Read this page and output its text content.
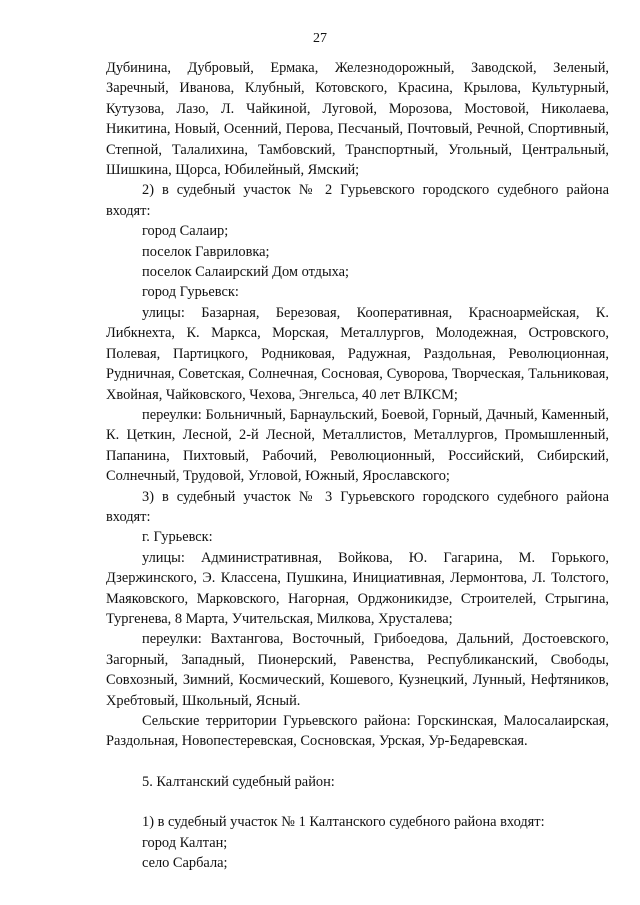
27

Дубинина, Дубровый, Ермака, Железнодорожный, Заводской, Зеленый, Заречный, Иванова, Клубный, Котовского, Красина, Крылова, Культурный, Кутузова, Лазо, Л. Чайкиной, Луговой, Морозова, Мостовой, Николаева, Никитина, Новый, Осенний, Перова, Песчаный, Почтовый, Речной, Спортивный, Степной, Талалихина, Тамбовский, Транспортный, Угольный, Центральный, Шишкина, Щорса, Юбилейный, Ямский;

2) в судебный участок № 2 Гурьевского городского судебного района входят:

город Салаир;

поселок Гавриловка;

поселок Салаирский Дом отдыха;

город Гурьевск:

улицы: Базарная, Березовая, Кооперативная, Красноармейская, К. Либкнехта, К. Маркса, Морская, Металлургов, Молодежная, Островского, Полевая, Партицкого, Родниковая, Радужная, Раздольная, Революционная, Рудничная, Советская, Солнечная, Сосновая, Суворова, Творческая, Тальниковая, Хвойная, Чайковского, Чехова, Энгельса, 40 лет ВЛКСМ;

переулки: Больничный, Барнаульский, Боевой, Горный, Дачный, Каменный, К. Цеткин, Лесной, 2-й Лесной, Металлистов, Металлургов, Промышленный, Папанина, Пихтовый, Рабочий, Революционный, Российский, Сибирский, Солнечный, Трудовой, Угловой, Южный, Ярославского;

3) в судебный участок № 3 Гурьевского городского судебного района входят:

г. Гурьевск:

улицы: Административная, Войкова, Ю. Гагарина, М. Горького, Дзержинского, Э. Классена, Пушкина, Инициативная, Лермонтова, Л. Толстого, Маяковского, Марковского, Нагорная, Орджоникидзе, Строителей, Стрыгина, Тургенева, 8 Марта, Учительская, Милкова, Хрусталева;

переулки: Вахтангова, Восточный, Грибоедова, Дальний, Достоевского, Загорный, Западный, Пионерский, Равенства, Республиканский, Свободы, Совхозный, Зимний, Космический, Кошевого, Кузнецкий, Лунный, Нефтяников, Хребтовый, Школьный, Ясный.

Сельские территории Гурьевского района: Горскинская, Малосалаирская, Раздольная, Новопестеревская, Сосновская, Урская, Ур-Бедаревская.

5. Калтанский судебный район:

1) в судебный участок № 1 Калтанского судебного района входят:

город Калтан;

село Сарбала;
